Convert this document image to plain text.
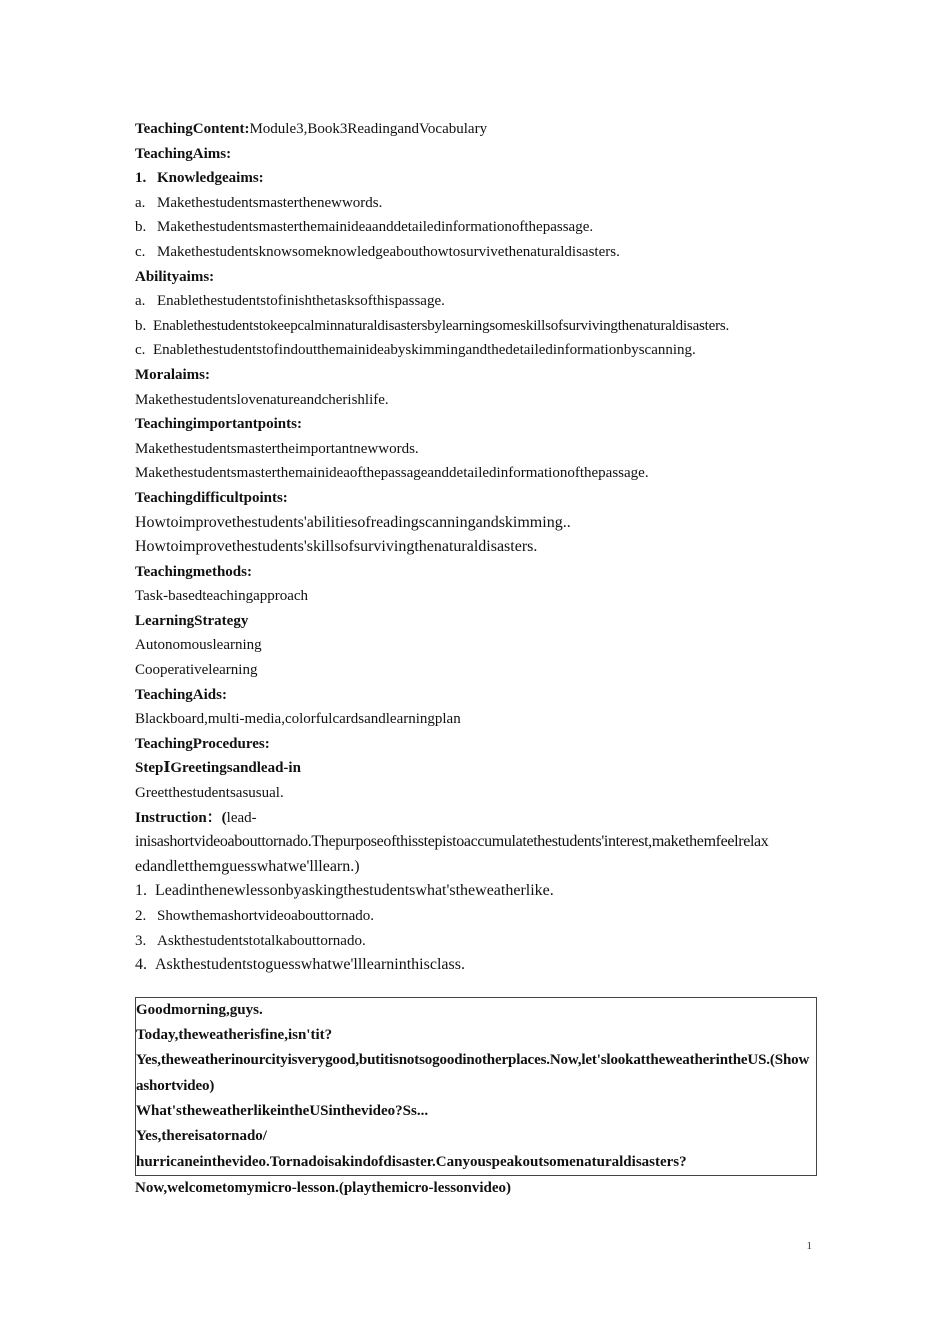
TeachingContent:Module3,Book3ReadingandVocabulary
TeachingAims:
1. Knowledgeaims:
a. Makethestudentsmasterthenewwords.
b. Makethestudentsmasterthemainideaanddetailedinformationofthepassage.
c. Makethestudentsknowsomeknowledgeabouthowtosurvivethenaturaldisasters.
Abilityaims:
a. Enablethestudentstofinishthetasksofthispassage.
b. Enablethestudentstokeepcalminnaturaldisastersbylearningsomeskillsofsurvivingthenaturaldisasters.
c. Enablethestudentstofindoutthemainideabyskimmingandthedetailedinformationbyscanning.
Moralaims:
Makethestudentslovenatureandcherishlife.
Teachingimportantpoints:
Makethestudentsmastertheimportantnewwords.
Makethestudentsmasterthemainideaofthepassageanddetailedinformationofthepassage.
Teachingdifficultpoints:
Howtoimprovethestudents'abilitiesofreadingscanningandskimming..
Howtoimprovethestudents'skillsofsurvivingthenaturaldisasters.
Teachingmethods:
Task-basedteachingapproach
LearningStrategy
Autonomouslearning
Cooperativelearning
TeachingAids:
Blackboard,multi-media,colorfulcardsandlearningplan
TeachingProcedures:
StepⅠGreetingsandlead-in
Greetthestudentsasusual.
Instruction：(lead-
inisashortvideoabouttornado.Thepurposeofthisstepistoaccumulatethestudents'interest,makethemfeelrelax
edandletthemguesswhatwe'lllearn.)
1. Leadinthenewlessonbyaskingthestudentswhat'stheweatherlike.
2. Showthemashortvideoabouttornado.
3. Askthestudentstotalkabouttornado.
4. Askthestudentstoguesswhatwe'lllearninthisclass.
Goodmorning,guys.
Today,theweatherisfine,isn'tit?
Yes,theweatherinourcityisverygood,butitisnotsogoodinotherplaces.Now,let'slookattheweatherintheUS.(Showashortvideo)
What'stheweatherlikeintheUSinthevideo?Ss...
Yes,thereisatornado/
hurricaneinthevideo.Tornadoisakindofdisaster.Canyouspeakoutsomenaturaldisasters?
Now,welcometomymicro-lesson.(playthemicro-lessonvideo)
1
